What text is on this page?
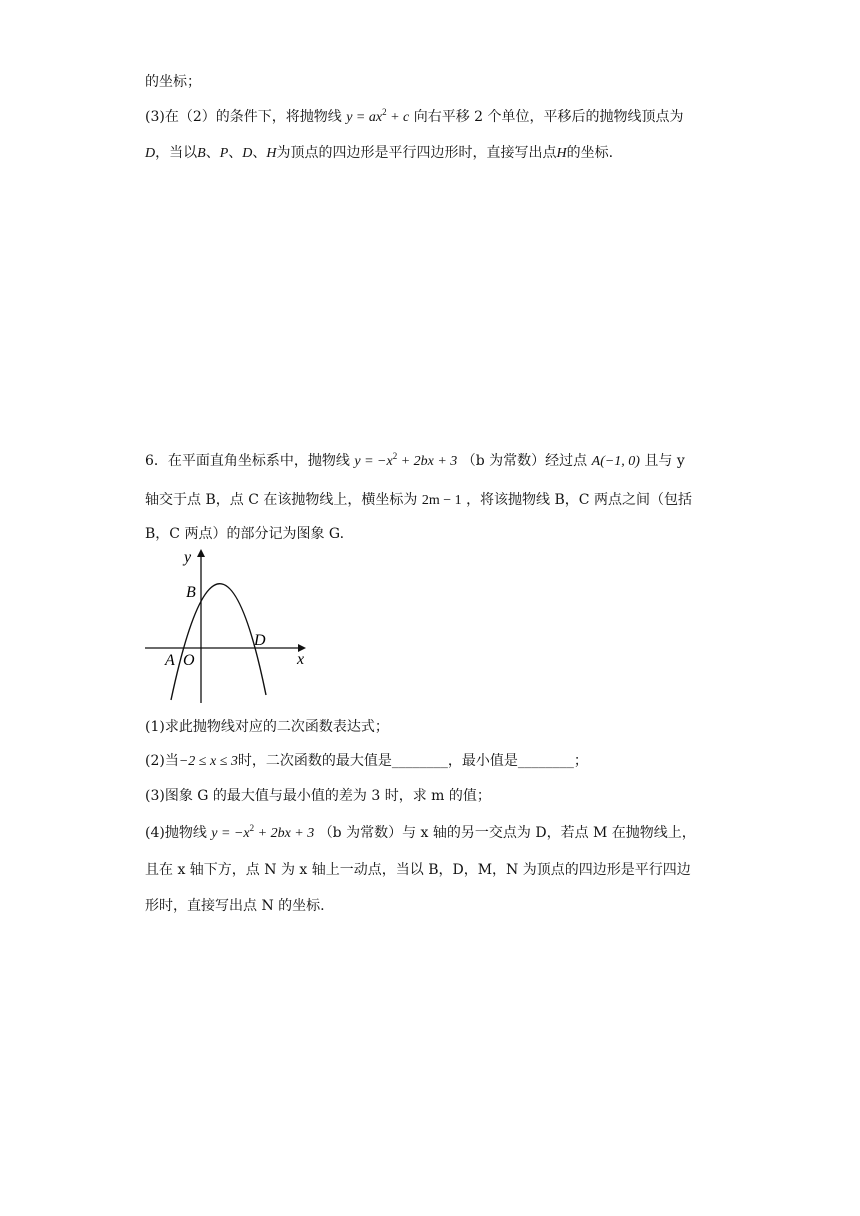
的坐标；
(3)在（2）的条件下，将抛物线 $y = ax^2 + c$ 向右平移 2 个单位，平移后的抛物线顶点为
D，当以B、P、D、H为顶点的四边形是平行四边形时，直接写出点H的坐标.
6．在平面直角坐标系中，抛物线 $y = -x^2 + 2bx + 3$ （b 为常数）经过点 A(−1, 0) 且与 y
轴交于点 B，点 C 在该抛物线上，横坐标为 2m − 1 ，将该抛物线 B，C 两点之间（包括
B，C 两点）的部分记为图象 G.
y
x
B
D
A O
(1)求此抛物线对应的二次函数表达式；
(2)当−2 ≤ x ≤ 3时，二次函数的最大值是________，最小值是________；
(3)图象 G 的最大值与最小值的差为 3 时，求 m 的值；
(4)抛物线 $y = -x^2 + 2bx + 3$ （b 为常数）与 x 轴的另一交点为 D，若点 M 在抛物线上，
且在 x 轴下方，点 N 为 x 轴上一动点，当以 B，D，M，N 为顶点的四边形是平行四边
形时，直接写出点 N 的坐标.
